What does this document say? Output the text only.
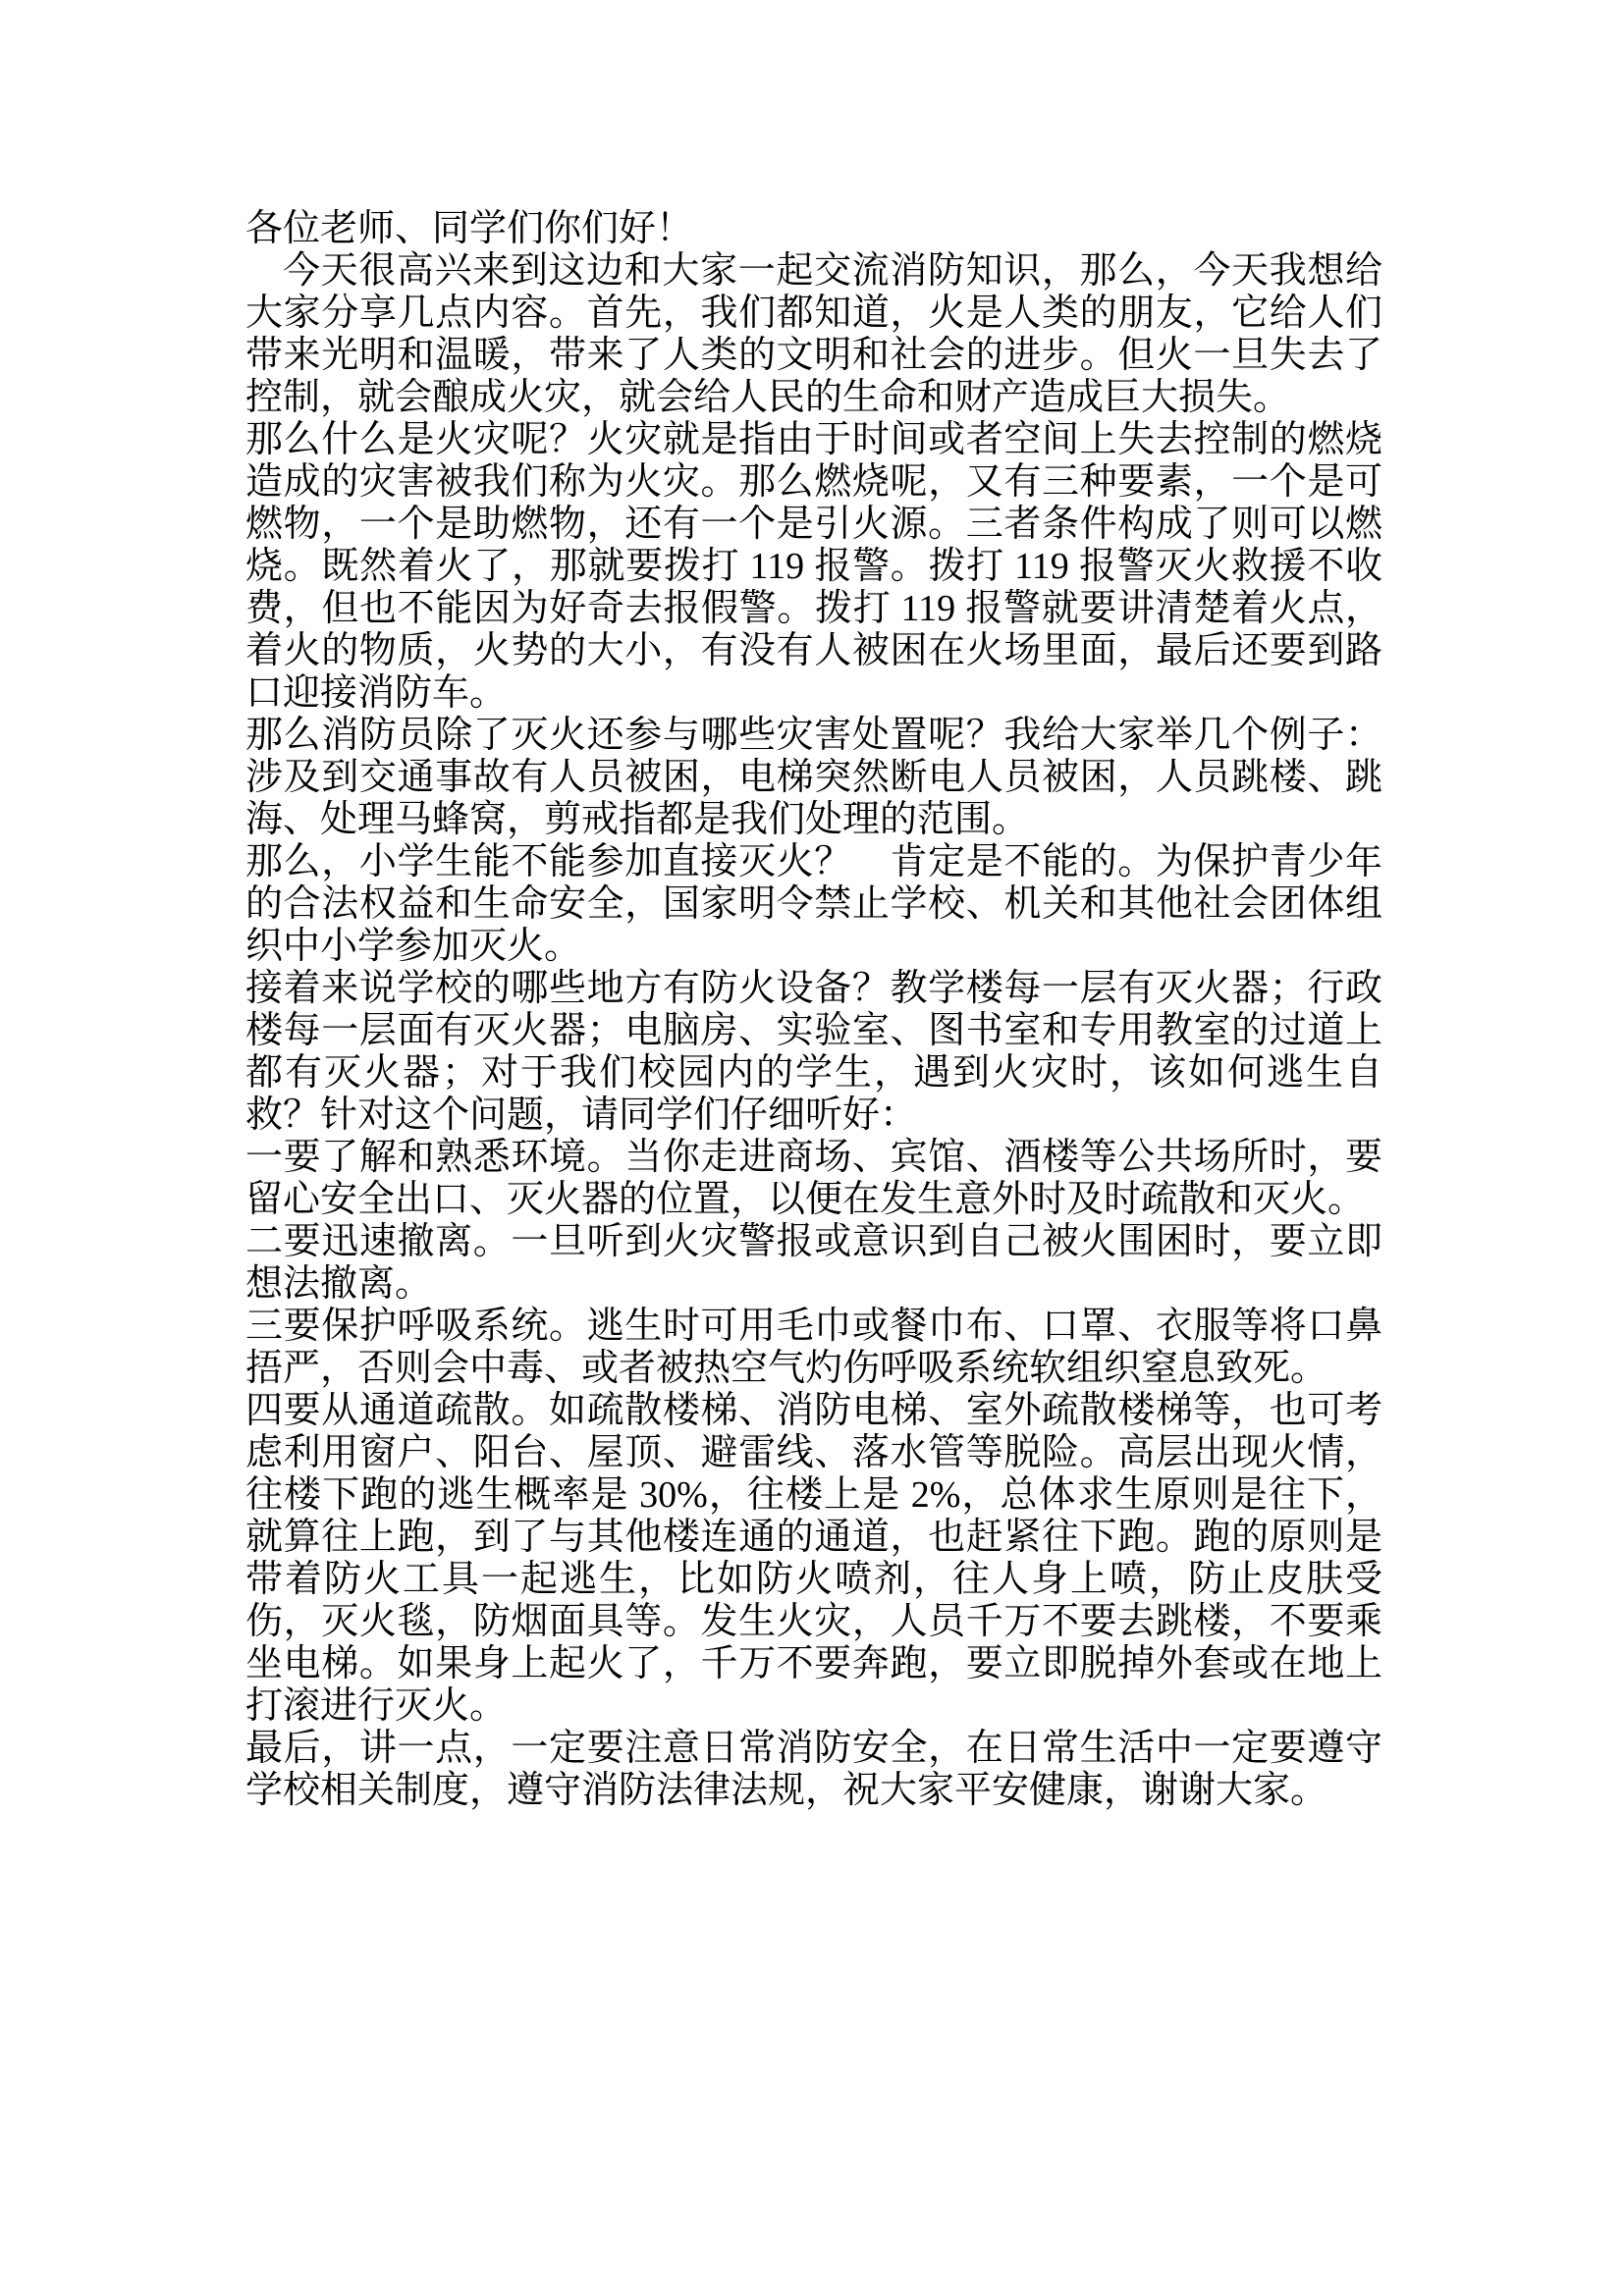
各位老师、同学们你们好！

今天很高兴来到这边和大家一起交流消防知识，那么，今天我想给大家分享几点内容。首先，我们都知道，火是人类的朋友，它给人们带来光明和温暖，带来了人类的文明和社会的进步。但火一旦失去了控制，就会酿成火灾，就会给人民的生命和财产造成巨大损失。

那么什么是火灾呢？火灾就是指由于时间或者空间上失去控制的燃烧造成的灾害被我们称为火灾。那么燃烧呢，又有三种要素，一个是可燃物，一个是助燃物，还有一个是引火源。三者条件构成了则可以燃烧。既然着火了，那就要拨打 119 报警。拨打 119 报警灭火救援不收费，但也不能因为好奇去报假警。拨打 119 报警就要讲清楚着火点，着火的物质，火势的大小，有没有人被困在火场里面，最后还要到路口迎接消防车。

那么消防员除了灭火还参与哪些灾害处置呢？我给大家举几个例子：涉及到交通事故有人员被困，电梯突然断电人员被困，人员跳楼、跳海、处理马蜂窝，剪戒指都是我们处理的范围。

那么，小学生能不能参加直接灭火？　肯定是不能的。为保护青少年的合法权益和生命安全，国家明令禁止学校、机关和其他社会团体组织中小学参加灭火。

接着来说学校的哪些地方有防火设备？教学楼每一层有灭火器；行政楼每一层面有灭火器；电脑房、实验室、图书室和专用教室的过道上都有灭火器；对于我们校园内的学生，遇到火灾时，该如何逃生自救？针对这个问题，请同学们仔细听好：

一要了解和熟悉环境。当你走进商场、宾馆、酒楼等公共场所时，要留心安全出口、灭火器的位置，以便在发生意外时及时疏散和灭火。

二要迅速撤离。一旦听到火灾警报或意识到自己被火围困时，要立即想法撤离。

三要保护呼吸系统。逃生时可用毛巾或餐巾布、口罩、衣服等将口鼻捂严，否则会中毒、或者被热空气灼伤呼吸系统软组织窒息致死。

四要从通道疏散。如疏散楼梯、消防电梯、室外疏散楼梯等，也可考虑利用窗户、阳台、屋顶、避雷线、落水管等脱险。高层出现火情，往楼下跑的逃生概率是 30%，往楼上是 2%，总体求生原则是往下，就算往上跑，到了与其他楼连通的通道，也赶紧往下跑。跑的原则是带着防火工具一起逃生，比如防火喷剂，往人身上喷，防止皮肤受伤，灭火毯，防烟面具等。发生火灾，人员千万不要去跳楼，不要乘坐电梯。如果身上起火了，千万不要奔跑，要立即脱掉外套或在地上打滚进行灭火。

最后，讲一点，一定要注意日常消防安全，在日常生活中一定要遵守学校相关制度，遵守消防法律法规，祝大家平安健康，谢谢大家。
